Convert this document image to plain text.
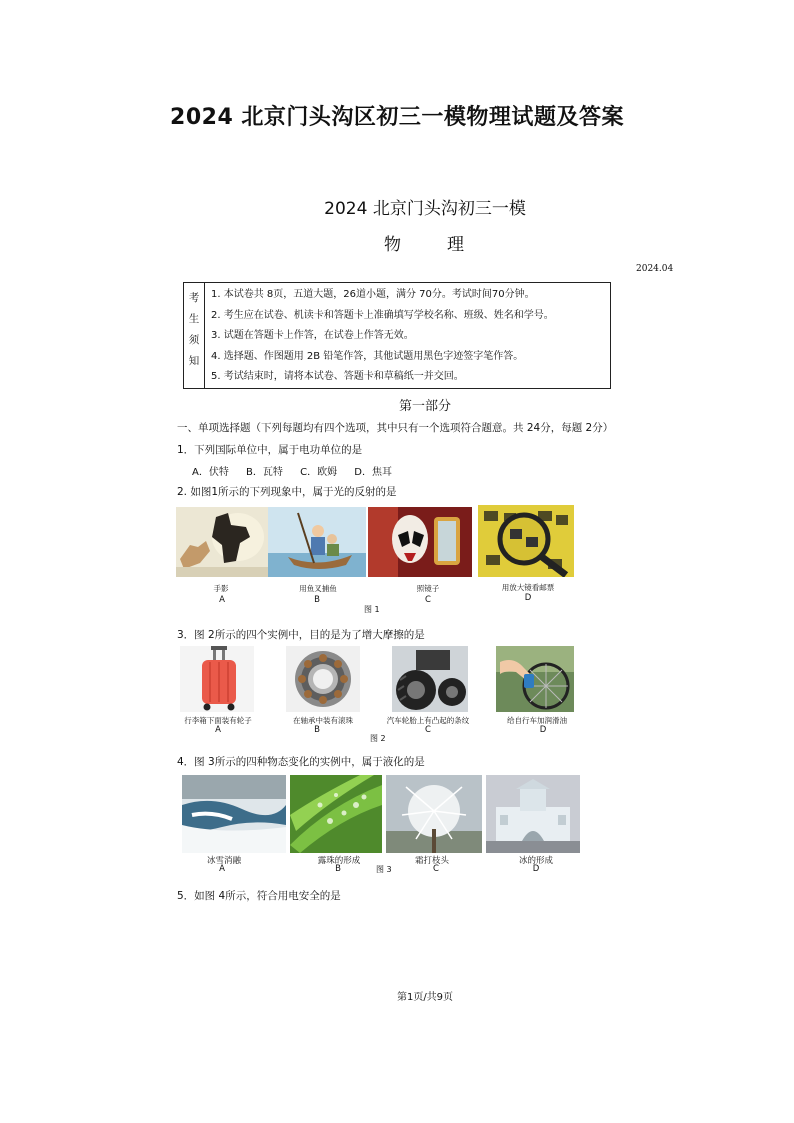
2024 北京门头沟区初三一模物理试题及答案
2024 北京门头沟初三一模
物	理
2024.04
考
生
须
知

1. 本试卷共 8页，五道大题，26道小题，满分 70分。考试时间70分钟。
2. 考生应在试卷、机读卡和答题卡上准确填写学校名称、班级、姓名和学号。
3. 试题在答题卡上作答，在试卷上作答无效。
4. 选择题、作图题用 2B 铅笔作答，其他试题用黑色字迹签字笔作答。
5. 考试结束时，请将本试卷、答题卡和草稿纸一并交回。
第一部分
一、单项选择题（下列每题均有四个选项，其中只有一个选项符合题意。共 24分，每题 2分）
1．下列国际单位中，属于电功单位的是
A．伏特 B．瓦特 C．欧姆 D．焦耳
2. 如图1所示的下列现象中，属于光的反射的是
手影
A
用鱼叉捕鱼
B
照镜子
C
用放大镜看邮票
D
图 1
3．图 2所示的四个实例中，目的是为了增大摩擦的是
行李箱下面装有轮子
A
在轴承中装有滚珠
B
汽车轮胎上有凸起的条纹
C
给自行车加润滑油
D
图 2
4．图 3所示的四种物态变化的实例中，属于液化的是
冰雪消融
A
露珠的形成
B
霜打枝头
C
冰的形成
D
图 3
5．如图 4所示，符合用电安全的是
第1页/共9页
